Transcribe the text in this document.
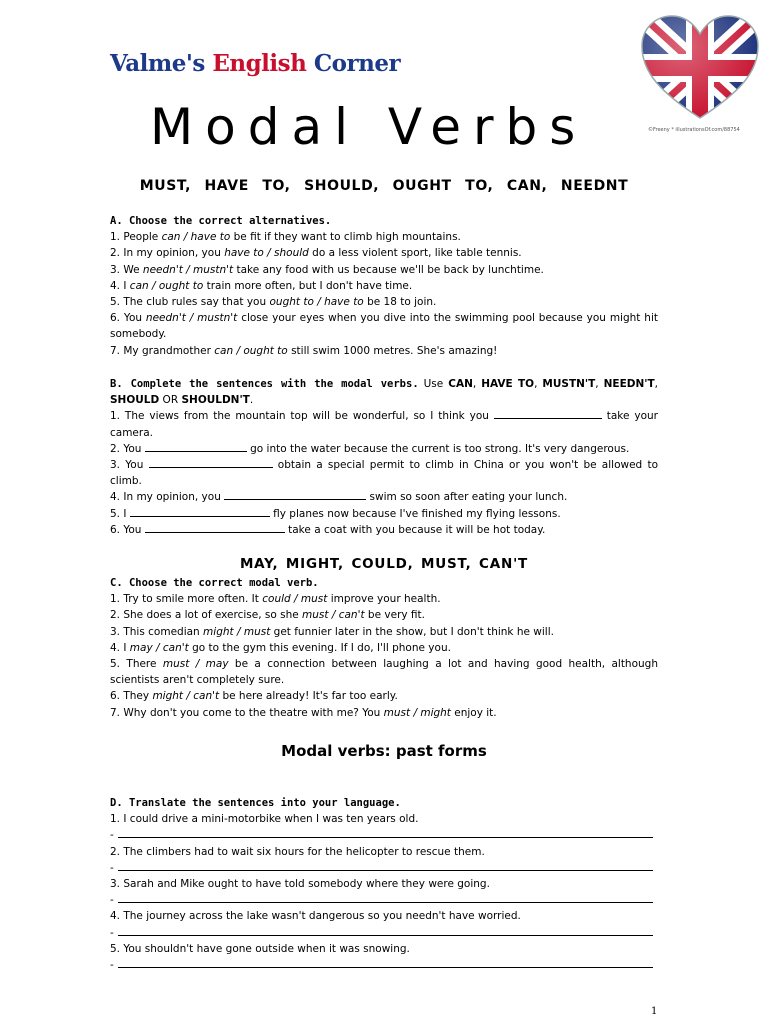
Valme's English Corner
©Freeny * illustrationsOf.com/88754
Modal Verbs
MUST, HAVE TO, SHOULD, OUGHT TO, CAN, NEEDNT
A. Choose the correct alternatives.
1. People can / have to be fit if they want to climb high mountains.
2. In my opinion, you have to / should do a less violent sport, like table tennis.
3. We needn't / mustn't take any food with us because we'll be back by lunchtime.
4. I can / ought to train more often, but I don't have time.
5. The club rules say that you ought to / have to be 18 to join.
6. You needn't / mustn't close your eyes when you dive into the swimming pool because you might hit somebody.
7. My grandmother can / ought to still swim 1000 metres. She's amazing!
B. Complete the sentences with the modal verbs. Use CAN, HAVE TO, MUSTN'T, NEEDN'T, SHOULD OR SHOULDN'T.
1. The views from the mountain top will be wonderful, so I think you	take your camera.
2. You	go into the water because the current is too strong. It's very dangerous.
3. You	obtain a special permit to climb in China or you won't be allowed to climb.
4. In my opinion, you	swim so soon after eating your lunch.
5. I	fly planes now because I've finished my flying lessons.
6. You	take a coat with you because it will be hot today.
MAY, MIGHT, COULD, MUST, CAN'T
C. Choose the correct modal verb.
1. Try to smile more often. It could / must improve your health.
2. She does a lot of exercise, so she must / can't be very fit.
3. This comedian might / must get funnier later in the show, but I don't think he will.
4. I may / can't go to the gym this evening. If I do, I'll phone you.
5. There must / may be a connection between laughing a lot and having good health, although scientists aren't completely sure.
6. They might / can't be here already! It's far too early.
7. Why don't you come to the theatre with me? You must / might enjoy it.
Modal verbs: past forms
D. Translate the sentences into your language.
1. I could drive a mini-motorbike when I was ten years old.
-
2. The climbers had to wait six hours for the helicopter to rescue them.
-
3. Sarah and Mike ought to have told somebody where they were going.
-
4. The journey across the lake wasn't dangerous so you needn't have worried.
-
5. You shouldn't have gone outside when it was snowing.
-
1
